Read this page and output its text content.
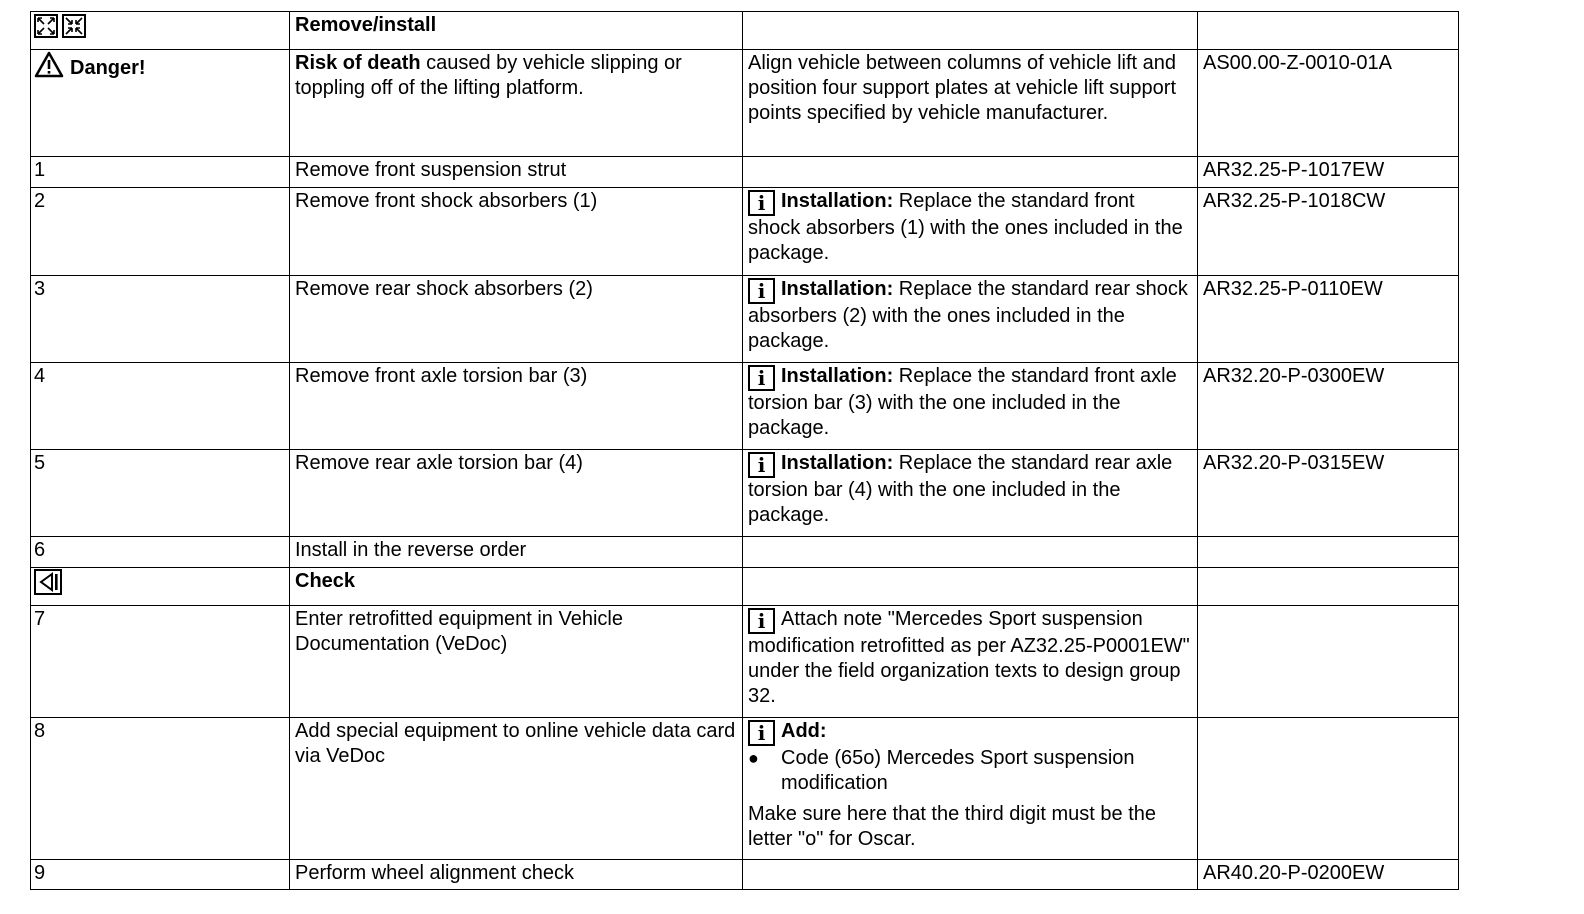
	Remove/install		
Danger!	Risk of death caused by vehicle slipping or toppling off of the lifting platform.	Align vehicle between columns of vehicle lift and position four support plates at vehicle lift support points specified by vehicle manufacturer.	AS00.00-Z-0010-01A
1	Remove front suspension strut		AR32.25-P-1017EW
2	Remove front shock absorbers (1)	i Installation: Replace the standard front shock absorbers (1) with the ones included in the package.	AR32.25-P-1018CW
3	Remove rear shock absorbers (2)	i Installation: Replace the standard rear shock absorbers (2) with the ones included in the package.	AR32.25-P-0110EW
4	Remove front axle torsion bar (3)	i Installation: Replace the standard front axle torsion bar (3) with the one included in the package.	AR32.20-P-0300EW
5	Remove rear axle torsion bar (4)	i Installation: Replace the standard rear axle torsion bar (4) with the one included in the package.	AR32.20-P-0315EW
6	Install in the reverse order		

	Check		
7	Enter retrofitted equipment in Vehicle Documentation (VeDoc)	i Attach note "Mercedes Sport suspension modification retrofitted as per AZ32.25-P0001EW" under the field organization texts to design group 32.	
8	Add special equipment to online vehicle data card via VeDoc	i Add:
● Code (65o) Mercedes Sport suspension modification
Make sure here that the third digit must be the letter "o" for Oscar.	

9	Perform wheel alignment check		AR40.20-P-0200EW
